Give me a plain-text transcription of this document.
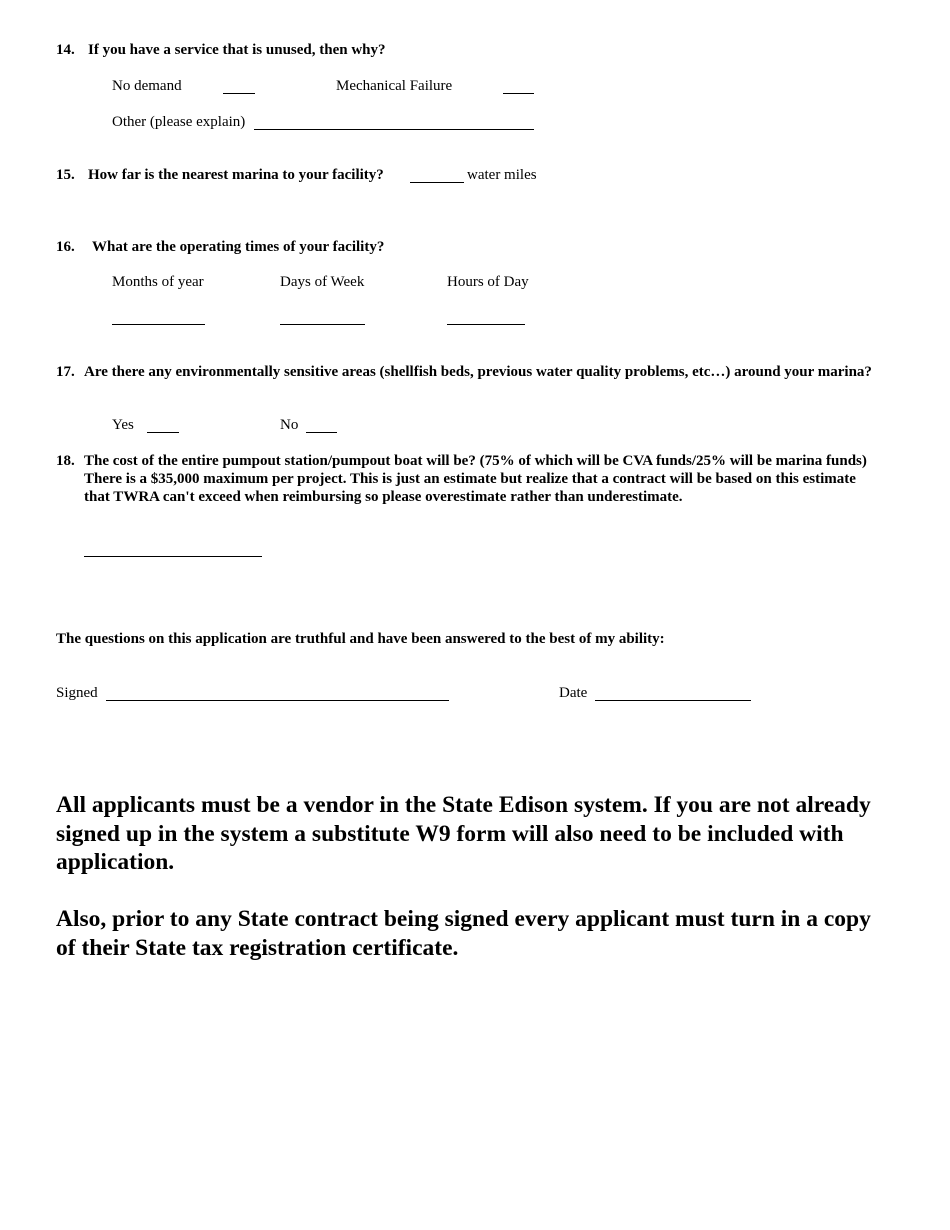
14. If you have a service that is unused, then why?
No demand	Mechanical Failure
Other (please explain)
15. How far is the nearest marina to your facility?	water miles
16. What are the operating times of your facility?
Months of year	Days of Week	Hours of Day
17. Are there any environmentally sensitive areas (shellfish beds, previous water quality problems, etc…) around your marina?
Yes	No
18. The cost of the entire pumpout station/pumpout boat will be? (75% of which will be CVA funds/25% will be marina funds) There is a $35,000 maximum per project. This is just an estimate but realize that a contract will be based on this estimate that TWRA can't exceed when reimbursing so please overestimate rather than underestimate.
The questions on this application are truthful and have been answered to the best of my ability:
Signed	Date
All applicants must be a vendor in the State Edison system. If you are not already signed up in the system a substitute W9 form will also need to be included with application.
Also, prior to any State contract being signed every applicant must turn in a copy of their State tax registration certificate.
